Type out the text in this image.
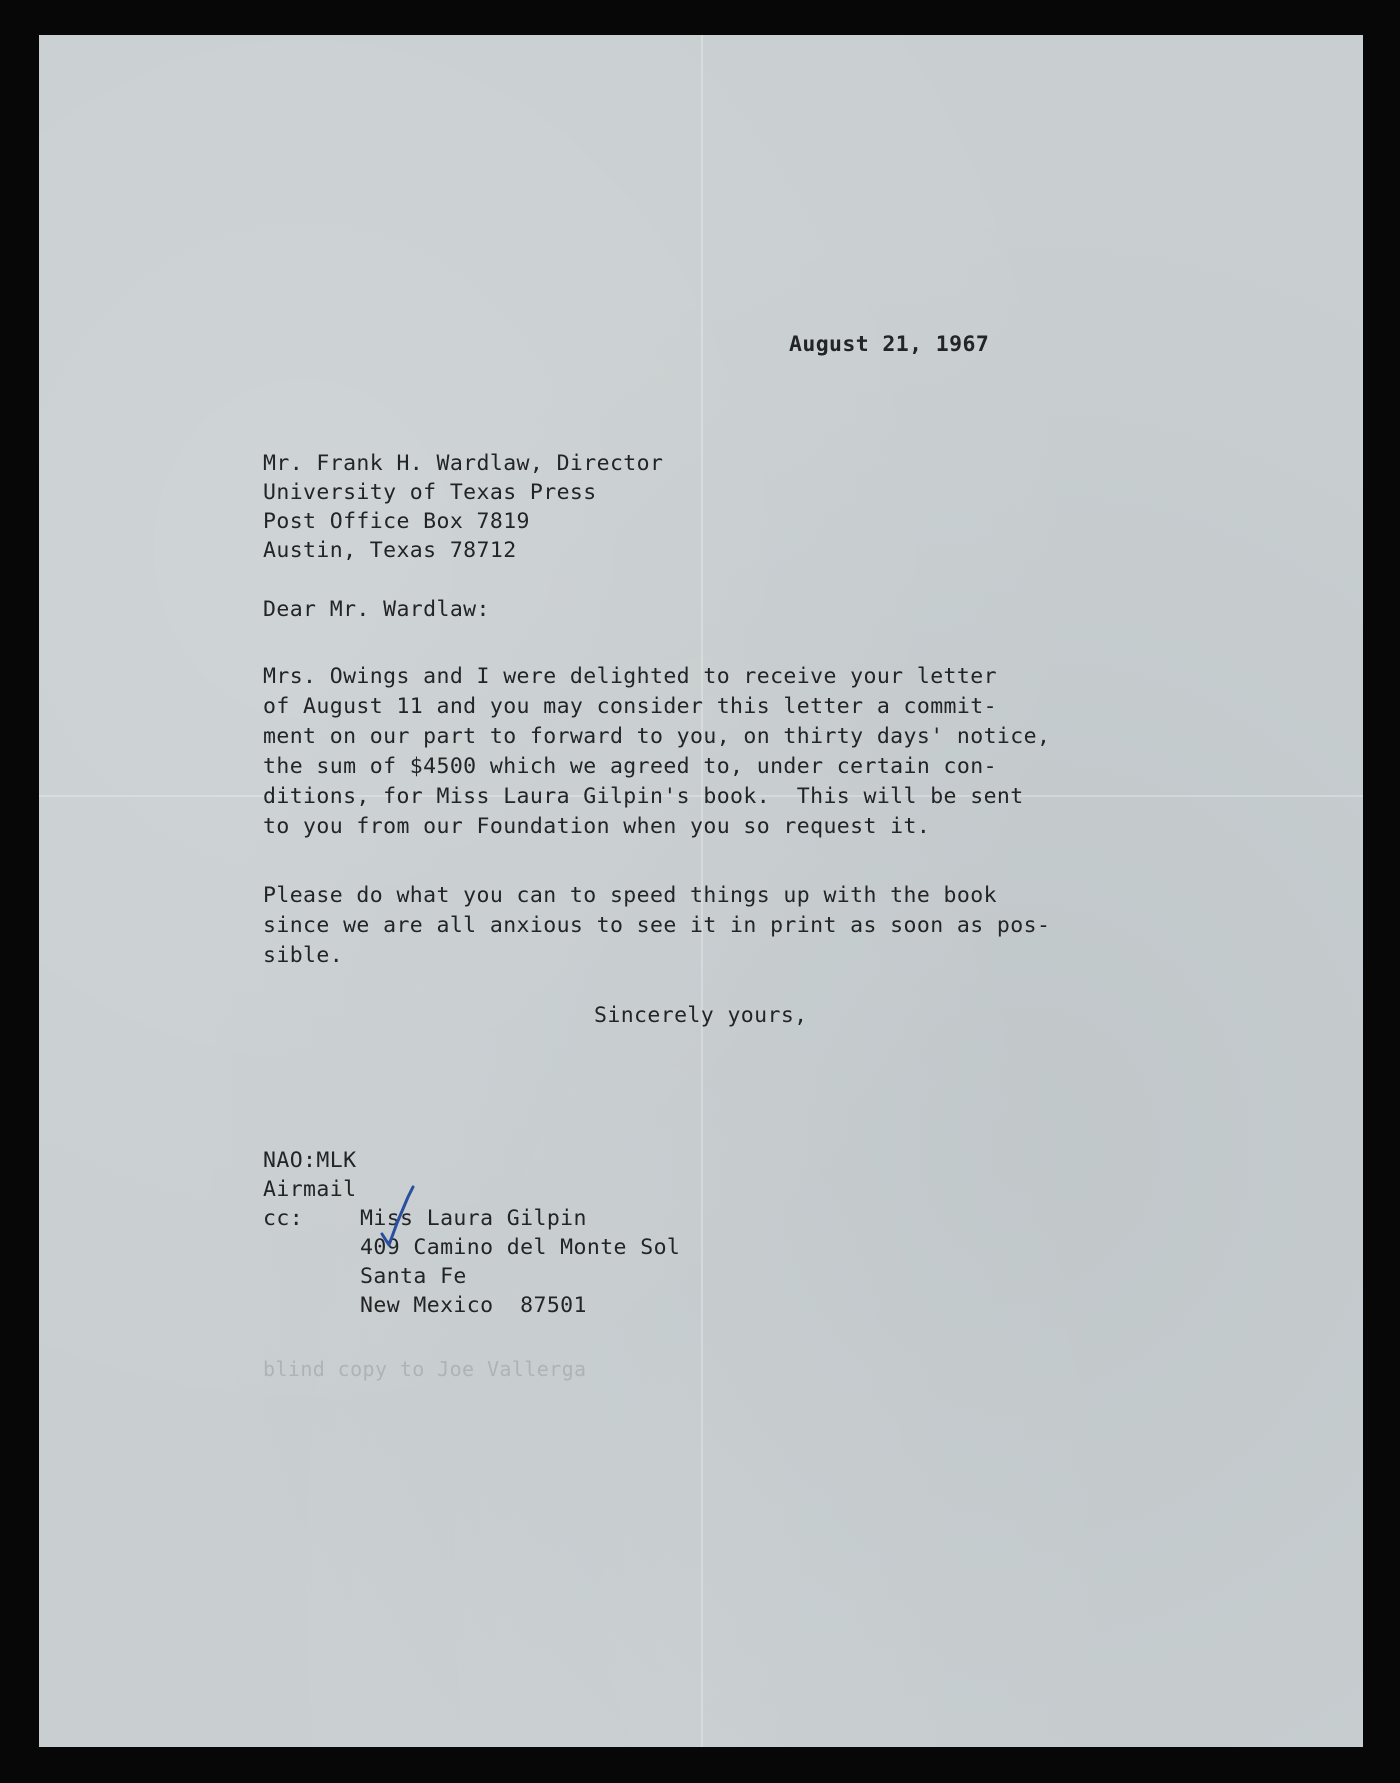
August 21, 1967
Mr. Frank H. Wardlaw, Director
University of Texas Press
Post Office Box 7819
Austin, Texas 78712
Dear Mr. Wardlaw:
Mrs. Owings and I were delighted to receive your letter
of August 11 and you may consider this letter a commit-
ment on our part to forward to you, on thirty days' notice,
the sum of $4500 which we agreed to, under certain con-
ditions, for Miss Laura Gilpin's book.  This will be sent
to you from our Foundation when you so request it.
Please do what you can to speed things up with the book
since we are all anxious to see it in print as soon as pos-
sible.
Sincerely yours,
NAO:MLK
Airmail
cc:	Miss Laura Gilpin
409 Camino del Monte Sol
Santa Fe
New Mexico  87501
blind copy to Joe Vallerga
